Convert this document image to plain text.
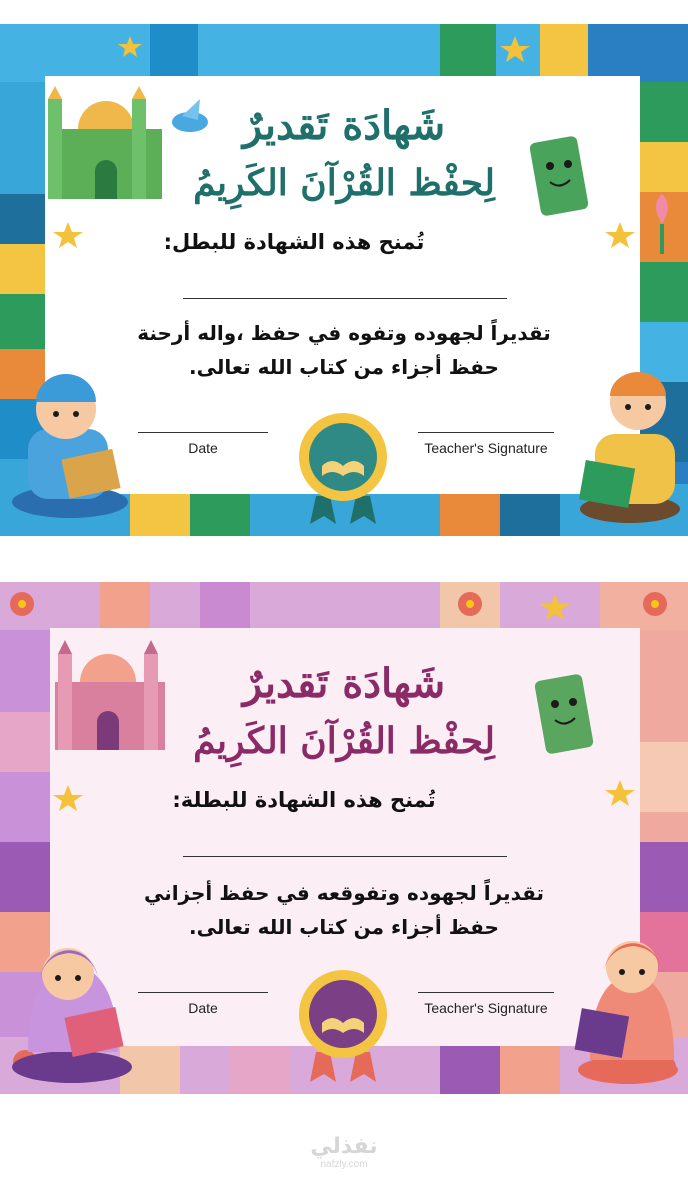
شَهادَة تَقديرٌ
لِحفْظ القُرْآنَ الكَرِيمُ
تُمنح هذه الشهادة للبطل:
تقديراً لجهوده وتفوه في حفظ ،واله أرحنة
حفظ أجزاء من كتاب الله تعالى.
Date	Teacher's Signature
شَهادَة تَقديرٌ
لِحفْظ القُرْآنَ الكَرِيمُ
تُمنح هذه الشهادة للبطلة:
تقديراً لجهوده وتفوقعه في حفظ أجزاني
حفظ أجزاء من كتاب الله تعالى.
Date	Teacher's Signature
نفذلي
nafzly.com
